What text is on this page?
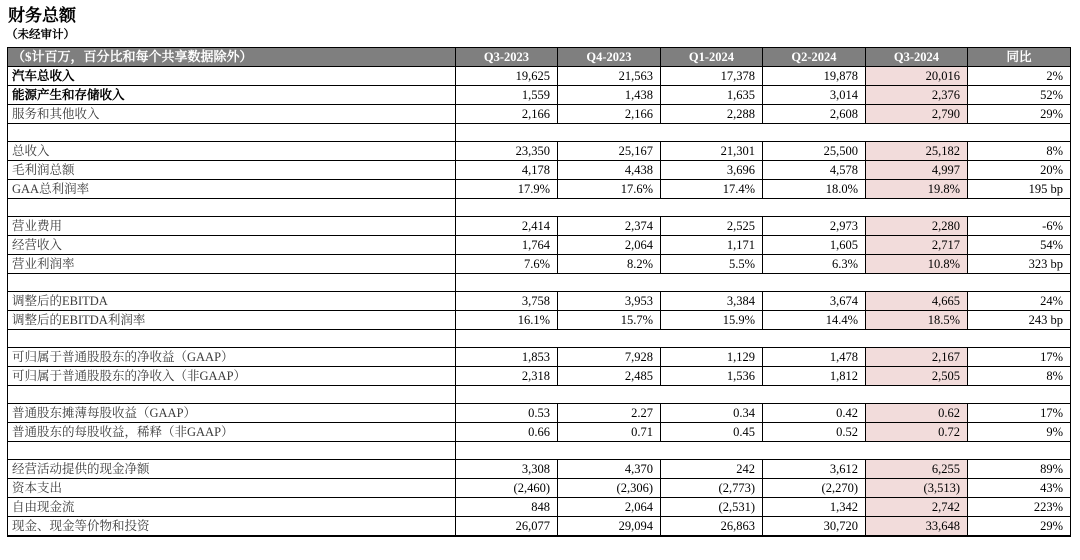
财务总额
（未经审计）
（$计百万，百分比和每个共享数据除外）	Q3-2023	Q4-2023	Q1-2024	Q2-2024	Q3-2024	同比
汽车总收入	19,625	21,563	17,378	19,878	20,016	2%
能源产生和存储收入	1,559	1,438	1,635	3,014	2,376	52%
服务和其他收入	2,166	2,166	2,288	2,608	2,790	29%

总收入	23,350	25,167	21,301	25,500	25,182	8%
毛利润总额	4,178	4,438	3,696	4,578	4,997	20%
GAA总利润率	17.9%	17.6%	17.4%	18.0%	19.8%	195 bp

营业费用	2,414	2,374	2,525	2,973	2,280	-6%
经营收入	1,764	2,064	1,171	1,605	2,717	54%
营业利润率	7.6%	8.2%	5.5%	6.3%	10.8%	323 bp

调整后的EBITDA	3,758	3,953	3,384	3,674	4,665	24%
调整后的EBITDA利润率	16.1%	15.7%	15.9%	14.4%	18.5%	243 bp

可归属于普通股股东的净收益（GAAP）	1,853	7,928	1,129	1,478	2,167	17%
可归属于普通股股东的净收入（非GAAP）	2,318	2,485	1,536	1,812	2,505	8%

普通股东摊薄每股收益（GAAP）	0.53	2.27	0.34	0.42	0.62	17%
普通股东的每股收益，稀释（非GAAP）	0.66	0.71	0.45	0.52	0.72	9%

经营活动提供的现金净额	3,308	4,370	242	3,612	6,255	89%
资本支出	(2,460)	(2,306)	(2,773)	(2,270)	(3,513)	43%
自由现金流	848	2,064	(2,531)	1,342	2,742	223%
现金、现金等价物和投资	26,077	29,094	26,863	30,720	33,648	29%
